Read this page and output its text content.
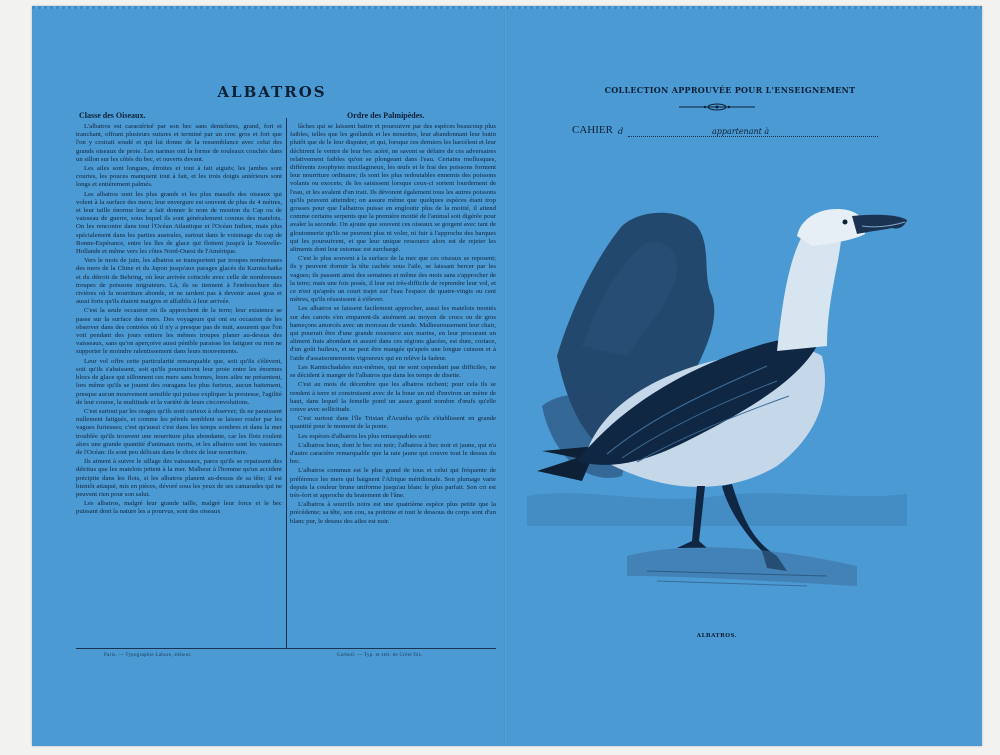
ALBATROS
Classe des Oiseaux.	Ordre des Palmipèdes.

L'albatros est caractérisé par son bec sans dentelures, grand, fort et tranchant, offrant plusieurs sutures et terminé par un croc gros et fort que l'on y croirait soudé et qui lui donne de la ressemblance avec celui des grands oiseaux de proie. Les narines ont la forme de rouleaux couchés dans un sillon sur les côtés du bec, et ouverts devant.

Les ailes sont longues, étroites et tout à fait aiguës; les jambes sont courtes, les pouces manquent tout à fait, et les trois doigts antérieurs sont longs et entièrement palmés.

Les albatros sont les plus grands et les plus massifs des oiseaux qui volent à la surface des mers; leur envergure est souvent de plus de 4 mètres, et leur taille énorme leur a fait donner le nom de mouton du Cap ou de vaisseau de guerre, sous lequel ils sont généralement connus des matelots. On les rencontre dans tout l'Océan Atlantique et l'Océan Indien, mais plus spécialement dans les parties australes, surtout dans le voisinage du cap de Bonne-Espérance, entre les îles de glace qui flottent jusqu'à la Nouvelle-Hollande et même vers les côtes Nord-Ouest de l'Amérique.

Vers le mois de juin, les albatros se transportent par troupes nombreuses des mers de la Chine et du Japon jusqu'aux parages glacés du Kamtschatka et du détroit de Behring, où leur arrivée coïncide avec celle de nombreuses troupes de poissons migrateurs. Là, ils se tiennent à l'embouchure des rivières où la nourriture abonde, et ne tardent pas à devenir aussi gras et aussi forts qu'ils étaient maigres et affaiblis à leur arrivée.

C'est la seule occasion où ils approchent de la terre; leur existence se passe sur la surface des mers. Des voyageurs qui ont eu occasion de les observer dans des contrées où il n'y a presque pas de nuit, assurent que l'on voit pendant des jours entiers les mêmes troupes planer au-dessus des vaisseaux, sans qu'on aperçoive aussi pénible paraisse les fatiguer ou rien ne supporter le moindre ralentissement dans leurs mouvements.

Leur vol offre cette particularité remarquable que, soit qu'ils s'élèvent, soit qu'ils s'abaissent, soit qu'ils poursuivent leur proie entre les énormes blocs de glace qui sillonnent ces mers sans bornes, leurs ailes ne présentent, lors même qu'ils se jouent des ouragans les plus furieux, aucun battement, presque aucun mouvement sensible qui puisse expliquer la prestesse, l'agilité de leur course, la multitude et la variété de leurs circonvolutions.

C'est surtout par les orages qu'ils sont curieux à observer; ils ne paraissent nullement fatigués, et comme les pétrels semblent se laisser rouler par les vagues furieuses; c'est qu'aussi c'est dans les temps sombres et dans la mer troublée qu'ils trouvent une nourriture plus abondante, car les flots roulent alors une grande quantité d'animaux morts, et les albatros sont les vautours de l'Océan: ils sont peu délicats dans le choix de leur nourriture.

Ils aiment à suivre le sillage des vaisseaux, parce qu'ils se repaissent des détritus que les matelots jettent à la mer. Malheur à l'homme qu'un accident précipite dans les flots, si les albatros planent au-dessus de sa tête; il est bientôt attaqué, mis en pièces, dévoré sous les yeux de ses camarades qui ne peuvent rien pour son salut.

Les albatros, malgré leur grande taille, malgré leur force et le bec puissant dont la nature les a pourvus, sont des oiseaux

lâches qui se laissent battre et poursuivre par des espèces beaucoup plus faibles, telles que les goélands et les mouettes, leur abandonnant leur butin plutôt que de le leur disputer, et qui, lorsque ces derniers les harcèlent et leur déchirent le ventre de leur bec acéré, ne savent se défaire de ces adversaires relativement faibles qu'en se plongeant dans l'eau. Certains mollusques, différents zoophytes mucilagineux, les œufs et le frai des poissons forment leur nourriture ordinaire; ils sont les plus redoutables ennemis des poissons volants ou exocets; ils les saisissent lorsque ceux-ci sortent lourdement de l'eau, et les avalent d'un trait. Ils dévorent également tous les autres poissons qu'ils peuvent atteindre; on assure même que quelques espèces étant trop grosses pour que l'albatros puisse en engloutir plus de la moitié, il attend comme certains serpents que la première moitié de l'animal soit digérée pour avaler la seconde. On ajoute que souvent ces oiseaux se gorgent avec tant de gloutonnerie qu'ils ne peuvent plus ni voler, ni fuir à l'approche des barques qui les poursuivent, et que leur unique ressource alors est de rejeter les aliments dont leur estomac est surchargé.

C'est le plus souvent à la surface de la mer que ces oiseaux se reposent; ils y peuvent dormir la tête cachée sous l'aile, se laissant bercer par les vagues; ils passent ainsi des semaines et même des mois sans s'approcher de la terre; mais une fois posés, il leur est très-difficile de reprendre leur vol, et ce n'est qu'après un court trajet sur l'eau l'espace de quatre-vingts ou cent mètres, qu'ils réussissent à s'élever.

Les albatros se laissent facilement approcher, aussi les matelots montés sur des canots s'en emparent-ils aisément au moyen de crocs ou de gros hameçons amorcés avec un morceau de viande. Malheureusement leur chair, qui pourrait être d'une grande ressource aux marins, en leur procurant un aliment frais abondant et assuré dans ces régions glacées, est dure, coriace, d'un goût huileux, et ne peut être mangée qu'après une longue cuisson et à l'aide d'assaisonnements vigoureux qui en relève la fadeur.

Les Kamtschadales eux-mêmes, qui ne sont cependant pas difficiles, ne se décident à manger de l'albatros que dans les temps de disette.

C'est au mois de décembre que les albatros nichent; pour cela ils se rendent à terre et construisent avec de la boue un nid d'environ un mètre de haut, dans lequel la femelle pond un assez grand nombre d'œufs qu'elle couve avec sollicitude.

C'est surtout dans l'île Tristan d'Acunha qu'ils s'établissent en grande quantité pour le moment de la ponte.

Les espèces d'albatros les plus remarquables sont:

L'albatros brun, dont le bec est noir; l'albatros à bec noir et jaune, qui n'a d'autre caractère remarquable que la raie jaune qui couvre tout le dessus du bec.

L'albatros commun est le plus grand de tous et celui qui fréquente de préférence les mers qui baignent l'Afrique méridionale. Son plumage varie depuis la couleur brune uniforme jusqu'au blanc le plus parfait. Son cri est très-fort et approche du braiement de l'âne.

L'albatros à sourcils noirs est une quatrième espèce plus petite que la précédente; sa tête, son cou, sa poitrine et tout le dessous du corps sont d'un blanc pur, le dessus des ailes est noir.

Paris. — Typographie Lahure, éditeur.	Corbeil. — Typ. et stér. de Crété fils.
COLLECTION APPROUVÉE POUR L'ENSEIGNEMENT
CAHIER d	appartenant à
ALBATROS.
